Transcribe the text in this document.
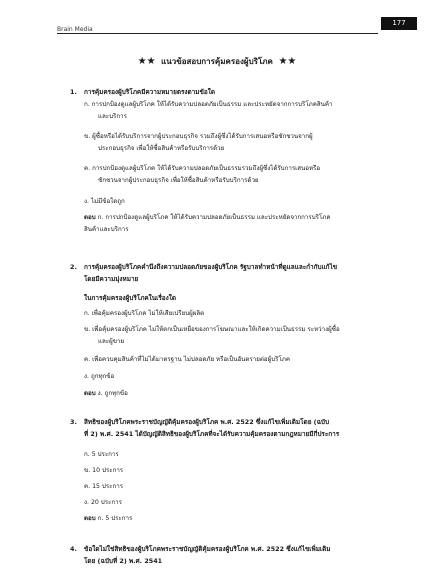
Brain Media
177
★★ แนวข้อสอบการคุ้มครองผู้บริโภค ★★
1. การคุ้มครองผู้บริโภคมีความหมายตรงตามข้อใด
ก. การปกป้องดูแลผู้บริโภค ให้ได้รับความปลอดภัยเป็นธรรม และประหยัดจากการบริโภคสินค้า
และบริการ
ข. ผู้ซื้อหรือได้รับบริการจากผู้ประกอบธุรกิจ รวมถึงผู้ซึ่งได้รับการเสนอหรือชักชวนจากผู้
ประกอบธุรกิจ เพื่อให้ซื้อสินค้าหรือรับบริการด้วย
ค. การปกป้องดูแลผู้บริโภค ให้ได้รับความปลอดภัยเป็นธรรมรวมถึงผู้ซึ่งได้รับการเสนอหรือ
ชักชวนจากผู้ประกอบธุรกิจ เพื่อให้ซื้อสินค้าหรือรับบริการด้วย
ง. ไม่มีข้อใดถูก
ตอบ ก. การปกป้องดูแลผู้บริโภค ให้ได้รับความปลอดภัยเป็นธรรม และประหยัดจากการบริโภค
สินค้าและบริการ
2. การคุ้มครองผู้บริโภคคำนึงถึงความปลอดภัยของผู้บริโภค รัฐบาลทำหน้าที่ดูแลและกำกับแก้ไข
โดยมีความมุ่งหมาย
ในการคุ้มครองผู้บริโภคในเรื่องใด
ก. เพื่อคุ้มครองผู้บริโภค ไม่ให้เสียเปรียบผู้ผลิต
ข. เพื่อคุ้มครองผู้บริโภค ไม่ให้ตกเป็นเหยื่อของการโฆษณาและให้เกิดความเป็นธรรม ระหว่างผู้ซื้อ
และผู้ขาย
ค. เพื่อควบคุมสินค้าที่ไม่ได้มาตรฐาน ไม่ปลอดภัย หรือเป็นอันตรายต่อผู้บริโภค
ง. ถูกทุกข้อ
ตอบ ง. ถูกทุกข้อ
3. สิทธิของผู้บริโภคพระราชบัญญัติคุ้มครองผู้บริโภค พ.ศ. 2522 ซึ่งแก้ไขเพิ่มเติมโดย (ฉบับ
ที่ 2) พ.ศ. 2541 ได้บัญญัติสิทธิของผู้บริโภคที่จะได้รับความคุ้มครองตามกฎหมายมีกี่ประการ
ก. 5 ประการ
ข. 10 ประการ
ค. 15 ประการ
ง. 20 ประการ
ตอบ ก. 5 ประการ
4. ข้อใดไม่ใช่สิทธิของผู้บริโภคพระราชบัญญัติคุ้มครองผู้บริโภค พ.ศ. 2522 ซึ่งแก้ไขเพิ่มเติม
โดย (ฉบับที่ 2) พ.ศ. 2541
